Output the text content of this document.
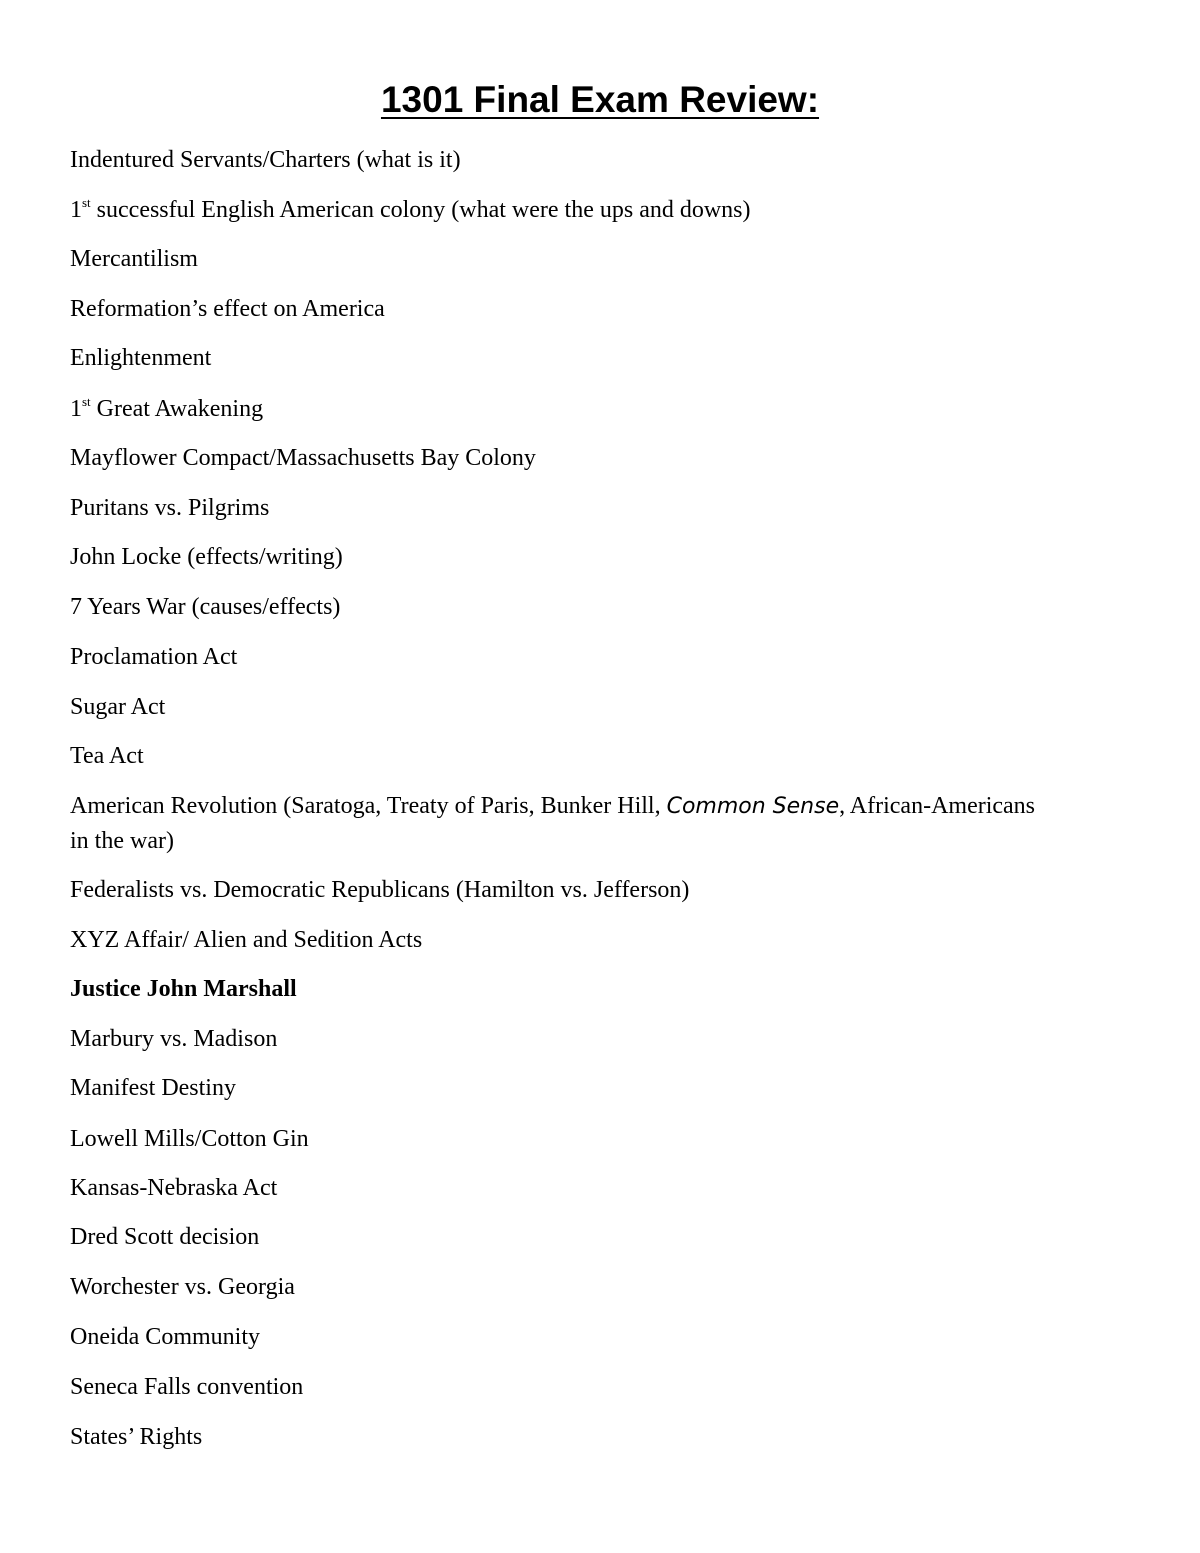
1301 Final Exam Review:
Indentured Servants/Charters (what is it)
1st successful English American colony (what were the ups and downs)
Mercantilism
Reformation’s effect on America
Enlightenment
1st Great Awakening
Mayflower Compact/Massachusetts Bay Colony
Puritans vs. Pilgrims
John Locke (effects/writing)
7 Years War (causes/effects)
Proclamation Act
Sugar Act
Tea Act
American Revolution (Saratoga, Treaty of Paris, Bunker Hill, Common Sense, African-Americans in the war)
Federalists vs. Democratic Republicans (Hamilton vs. Jefferson)
XYZ Affair/ Alien and Sedition Acts
Justice John Marshall
Marbury vs. Madison
Manifest Destiny
Lowell Mills/Cotton Gin
Kansas-Nebraska Act
Dred Scott decision
Worchester vs. Georgia
Oneida Community
Seneca Falls convention
States’ Rights
